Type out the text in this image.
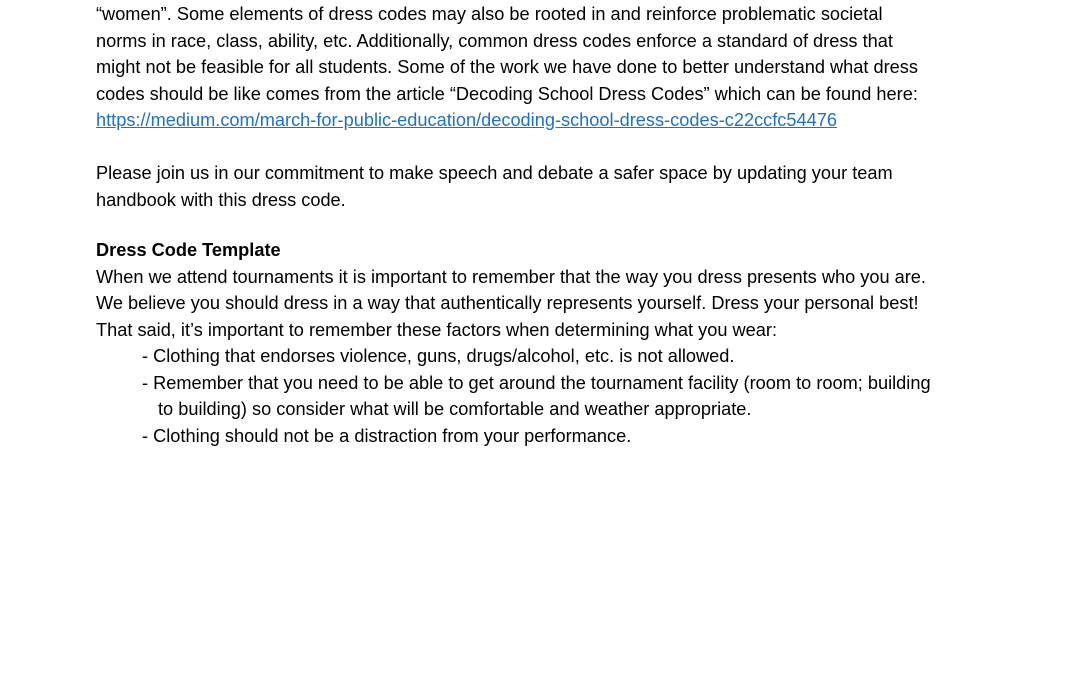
“women”. Some elements of dress codes may also be rooted in and reinforce problematic societal
norms in race, class, ability, etc. Additionally, common dress codes enforce a standard of dress that
might not be feasible for all students. Some of the work we have done to better understand what dress
codes should be like comes from the article “Decoding School Dress Codes” which can be found here:
https://medium.com/march-for-public-education/decoding-school-dress-codes-c22ccfc54476
Please join us in our commitment to make speech and debate a safer space by updating your team
handbook with this dress code.
Dress Code Template
When we attend tournaments it is important to remember that the way you dress presents who you are.
We believe you should dress in a way that authentically represents yourself. Dress your personal best!
That said, it’s important to remember these factors when determining what you wear:
- Clothing that endorses violence, guns, drugs/alcohol, etc. is not allowed.
- Remember that you need to be able to get around the tournament facility (room to room; building
to building) so consider what will be comfortable and weather appropriate.
- Clothing should not be a distraction from your performance.
